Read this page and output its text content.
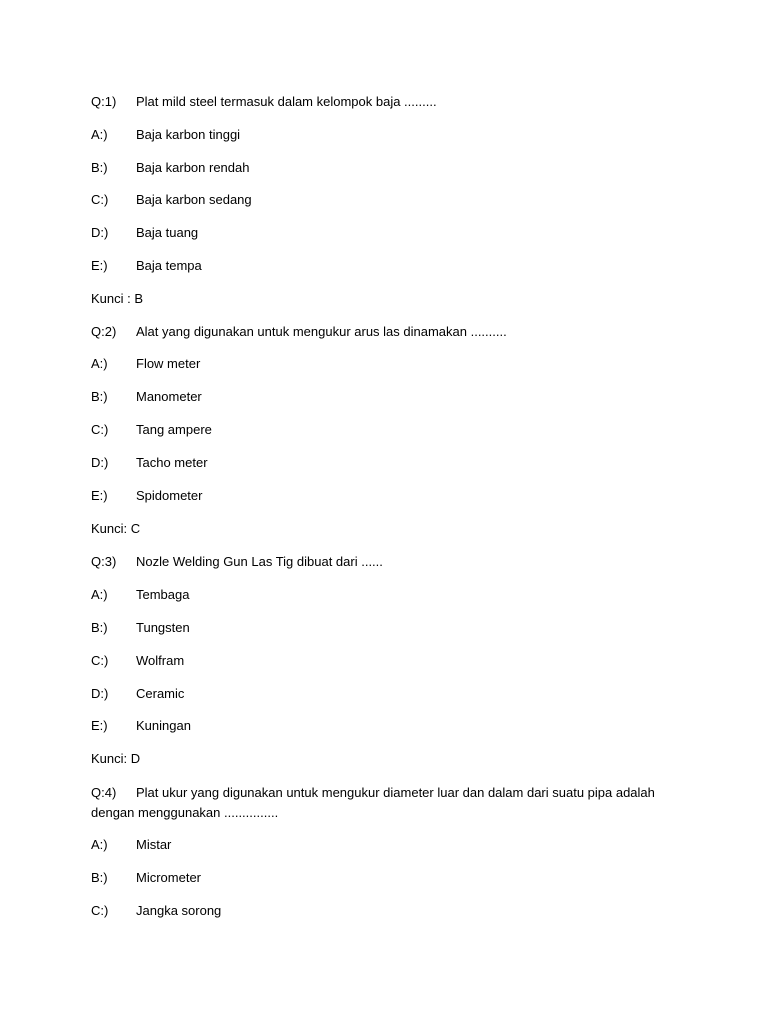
Q:1) Plat mild steel termasuk dalam kelompok baja .........
A:) Baja karbon tinggi
B:) Baja karbon rendah
C:) Baja karbon sedang
D:) Baja tuang
E:) Baja tempa
Kunci : B
Q:2) Alat yang digunakan untuk mengukur arus las dinamakan ..........
A:) Flow meter
B:) Manometer
C:) Tang ampere
D:) Tacho meter
E:) Spidometer
Kunci: C
Q:3) Nozle Welding Gun Las Tig dibuat dari ......
A:) Tembaga
B:) Tungsten
C:) Wolfram
D:) Ceramic
E:) Kuningan
Kunci: D
Q:4) Plat ukur yang digunakan untuk mengukur diameter luar dan dalam dari suatu pipa adalah
dengan menggunakan ...............
A:) Mistar
B:) Micrometer
C:) Jangka sorong
